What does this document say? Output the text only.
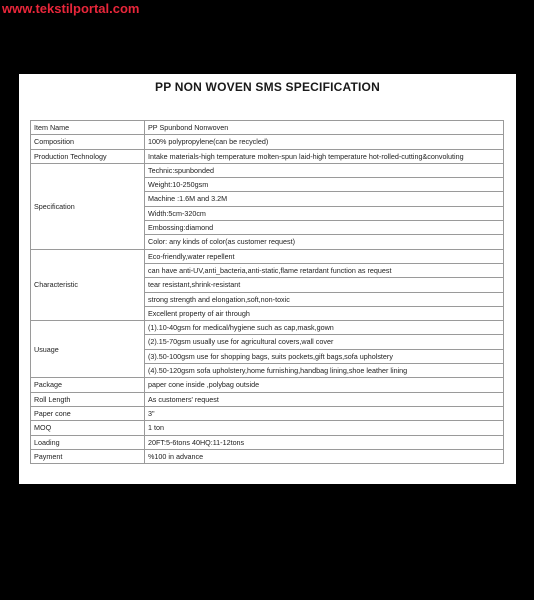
www.tekstilportal.com
PP NON WOVEN SMS SPECIFICATION
Item Name	PP Spunbond Nonwoven
Composition	100% polypropylene(can be recycled)
Production Technology	Intake materials-high temperature molten-spun laid-high temperature hot-rolled-cutting&convoluting
Specification	Technic:spunbonded
	Weight:10-250gsm
	Machine :1.6M and 3.2M
	Width:5cm-320cm
	Embossing:diamond
	Color: any kinds of color(as customer request)
Characteristic	Eco-friendly,water repellent
	can have anti-UV,anti_bacteria,anti-static,flame retardant function as request
	tear resistant,shrink-resistant
	strong strength and elongation,soft,non-toxic
	Excellent property of air through
Usuage	(1).10-40gsm for medical/hygiene such as cap,mask,gown
	(2).15-70gsm usually use for agricultural covers,wall cover
	(3).50-100gsm use for shopping bags, suits pockets,gift bags,sofa upholstery
	(4).50-120gsm sofa upholstery,home furnishing,handbag lining,shoe leather lining
Package	paper cone inside ,polybag outside
Roll Length	As customers' request
Paper cone	3"
MOQ	1 ton
Loading	20FT:5-6tons 40HQ:11-12tons
Payment	%100 in advance
